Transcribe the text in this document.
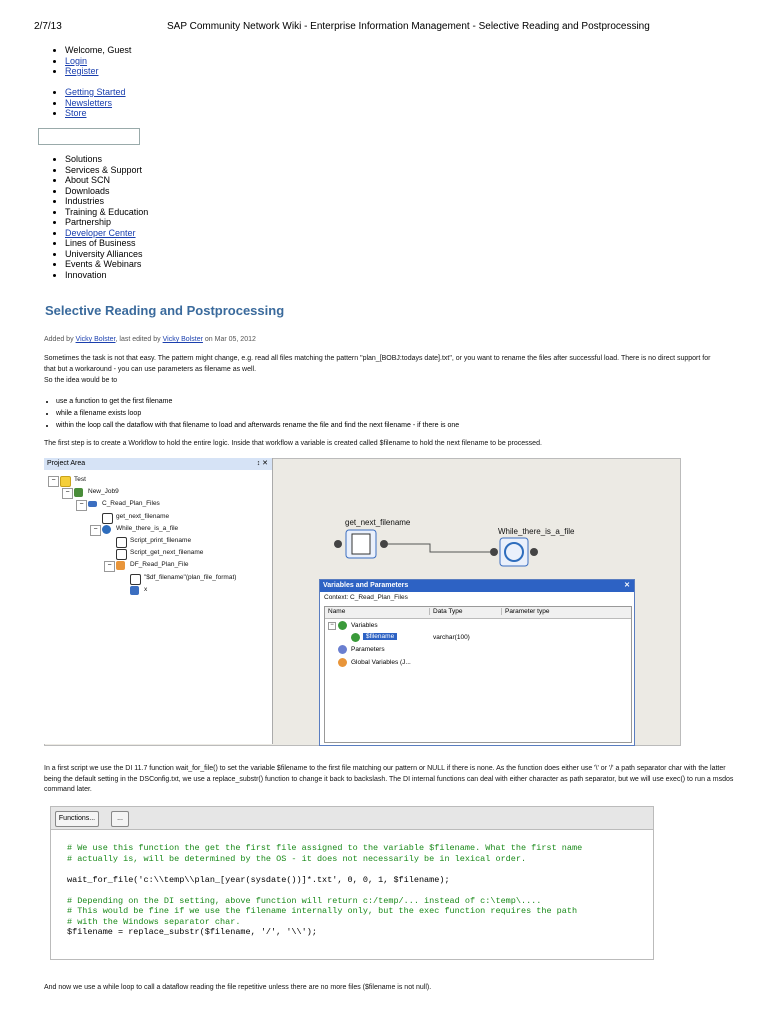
2/7/13	SAP Community Network Wiki - Enterprise Information Management - Selective Reading and Postprocessing
• Welcome, Guest
• Login
• Register
• Getting Started
• Newsletters
• Store
• Solutions
• Services & Support
• About SCN
• Downloads
• Industries
• Training & Education
• Partnership
• Developer Center
• Lines of Business
• University Alliances
• Events & Webinars
• Innovation
Selective Reading and Postprocessing
Added by Vicky Bolster, last edited by Vicky Bolster on Mar 05, 2012
Sometimes the task is not that easy. The pattern might change, e.g. read all files matching the pattern "plan_[BOBJ:todays date].txt", or you want to rename the files after successful load. There is no direct support for that but a workaround - you can use parameters as filename as well.
So the idea would be to
• use a function to get the first filename
• while a filename exists loop
• within the loop call the dataflow with that filename to load and afterwards rename the file and find the next filename - if there is one
The first step is to create a Workflow to hold the entire logic. Inside that workflow a variable is created called $filename to hold the next filename to be processed.
Project Area	↕ ✕
−	Test
−	New_Job9
−	C_Read_Plan_Files
get_next_filename
−	While_there_is_a_file
Script_print_filename
Script_get_next_filename
−	DF_Read_Plan_File
"$df_filename"(plan_file_format)
x
get_next_filename
While_there_is_a_file
Variables and Parameters	✕
Context: C_Read_Plan_Files
Name	Data Type	Parameter type
−	Variables
$filename	varchar(100)
Parameters
Global Variables (J...
In a first script we use the DI 11.7 function wait_for_file() to set the variable $filename to the first file matching our pattern or NULL if there is none. As the function does either use '\' or '/' a path separator char with the latter being the default setting in the DSConfig.txt, we use a replace_substr() function to change it back to backslash. The DI internal functions can deal with either character as path separator, but we will use exec() to run a msdos command later.
Functions...	...
# We use this function the get the first file assigned to the variable $filename. What the first name
# actually is, will be determined by the OS - it does not necessarily be in lexical order.
wait_for_file('c:\\temp\\plan_[year(sysdate())]*.txt', 0, 0, 1, $filename);
# Depending on the DI setting, above function will return c:/temp/... instead of c:\temp\....
# This would be fine if we use the filename internally only, but the exec function requires the path
# with the Windows separator char.
$filename = replace_substr($filename, '/', '\\');
And now we use a while loop to call a dataflow reading the file repetitive unless there are no more files ($filename is not null).
